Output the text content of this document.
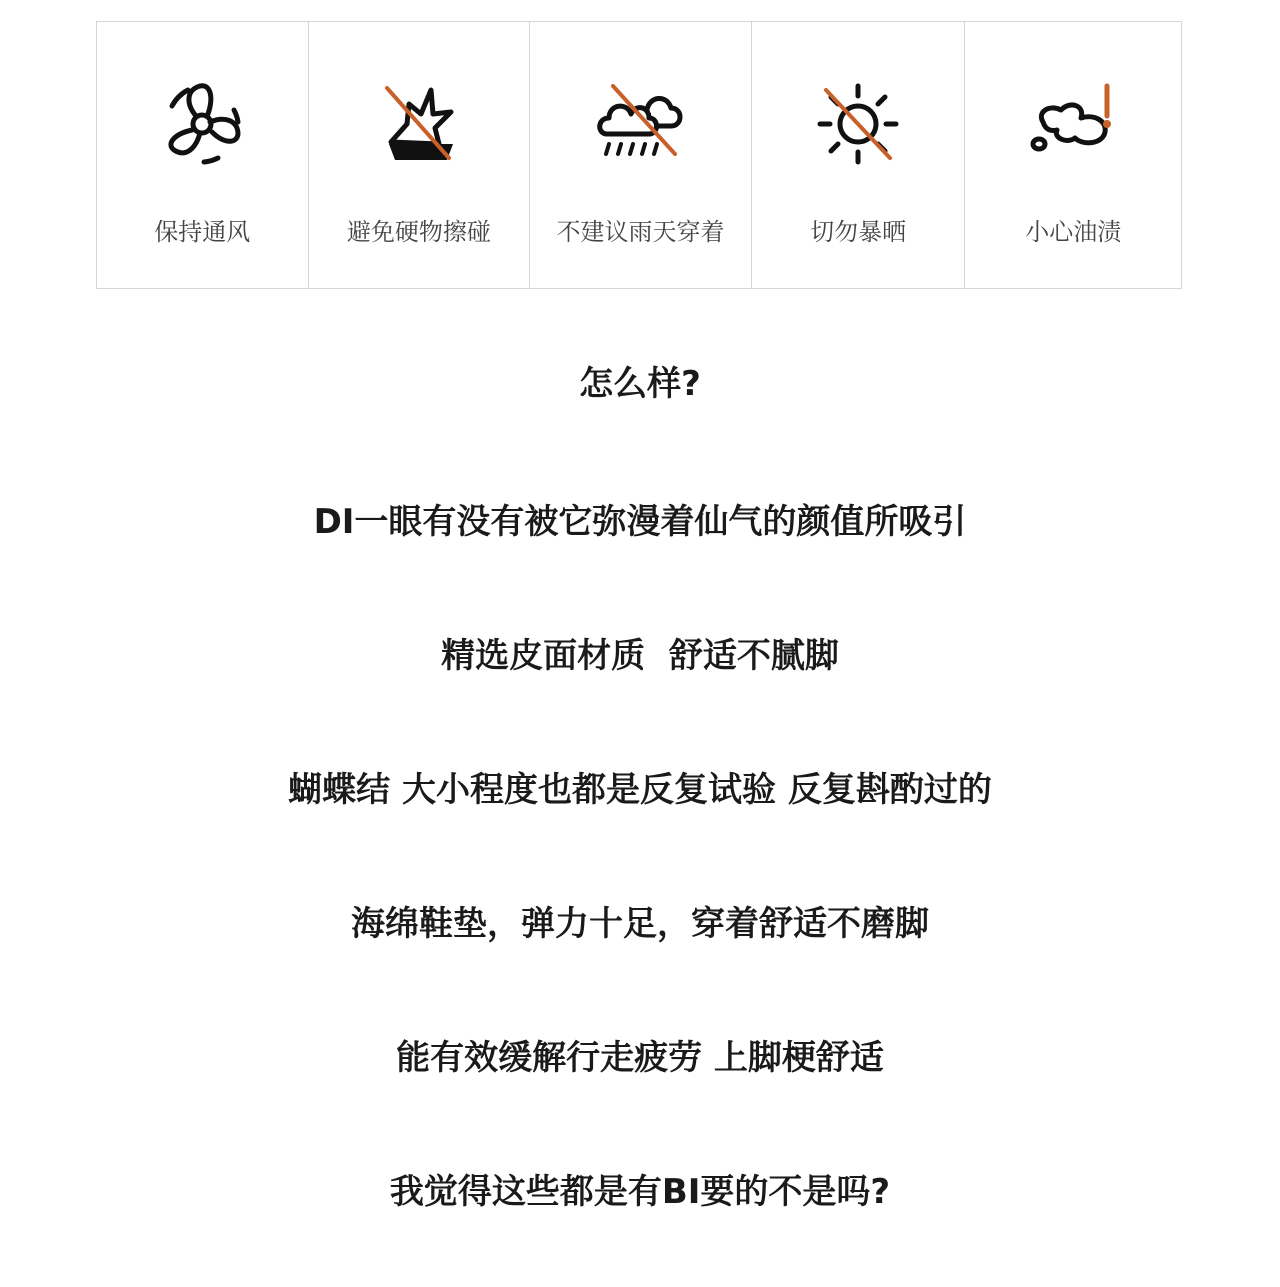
保持通风	避免硬物擦碰	不建议雨天穿着	切勿暴晒	小心油渍
怎么样?
DI一眼有没有被它弥漫着仙气的颜值所吸引
精选皮面材质  舒适不腻脚
蝴蝶结 大小程度也都是反复试验 反复斟酌过的
海绵鞋垫，弹力十足，穿着舒适不磨脚
能有效缓解行走疲劳 上脚梗舒适
我觉得这些都是有BI要的不是吗?
